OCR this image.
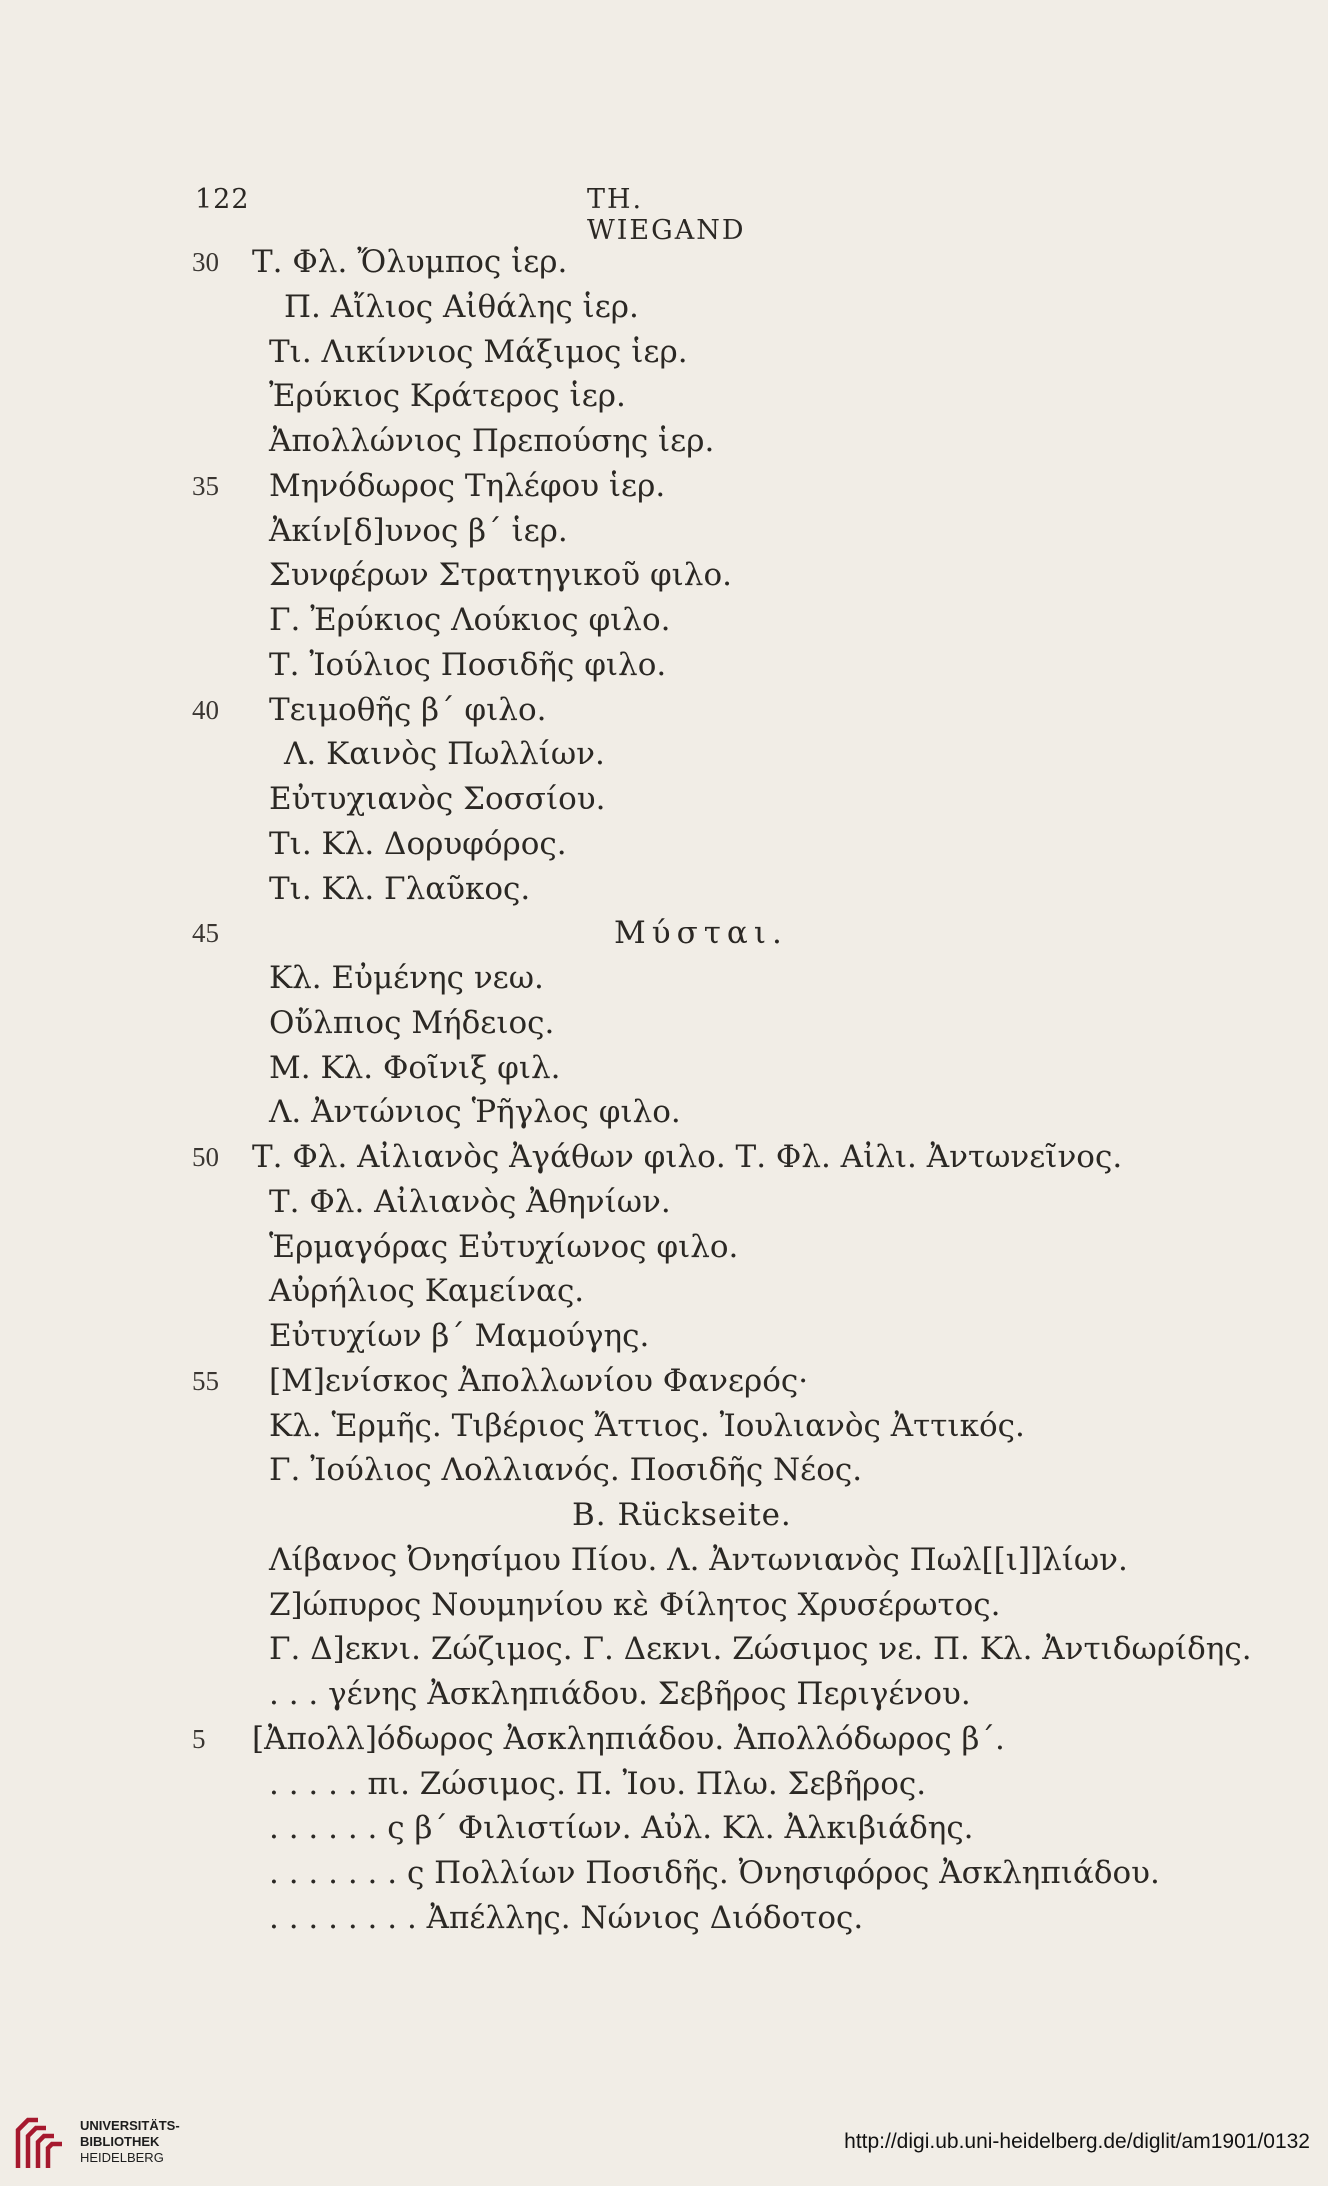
122	TH. WIEGAND
30	Τ. Φλ. Ὄλυμπος ἱερ.
Π. Αἴλιος Αἰθάλης ἱερ.
Τι. Λικίννιος Μάξιμος ἱερ.
Ἐρύκιος Κράτερος ἱερ.
Ἀπολλώνιος Πρεπούσης ἱερ.
35	Μηνόδωρος Τηλέφου ἱερ.
Ἀκίν[δ]υνος β´ ἱερ.
Συνφέρων Στρατηγικοῦ φιλο.
Γ. Ἐρύκιος Λούκιος φιλο.
Τ. Ἰούλιος Ποσιδῆς φιλο.
40	Τειμοθῆς β´ φιλο.
Λ. Καινὸς Πωλλίων.
Εὐτυχιανὸς Σοσσίου.
Τι. Κλ. Δορυφόρος.
Τι. Κλ. Γλαῦκος.
45	Μύσται.
Κλ. Εὐμένης νεω.
Οὔλπιος Μήδειος.
Μ. Κλ. Φοῖνιξ φιλ.
Λ. Ἀντώνιος Ῥῆγλος φιλο.
50	Τ. Φλ. Αἰλιανὸς Ἀγάθων φιλο. Τ. Φλ. Αἰλι. Ἀντωνεῖνος.
Τ. Φλ. Αἰλιανὸς Ἀθηνίων.
Ἑρμαγόρας Εὐτυχίωνος φιλο.
Αὐρήλιος Καμείνας.
Εὐτυχίων β´ Μαμούγης.
55	[Μ]ενίσκος Ἀπολλωνίου Φανερός·
Κλ. Ἑρμῆς. Τιβέριος Ἄττιος. Ἰουλιανὸς Ἀττικός.
Γ. Ἰούλιος Λολλιανός. Ποσιδῆς Νέος.
B. Rückseite.
Λίβανος Ὀνησίμου Πίου. Λ. Ἀντωνιανὸς Πωλ[[ι]]λίων.
Ζ]ώπυρος Νουμηνίου κὲ Φίλητος Χρυσέρωτος.
Γ. Δ]εκνι. Ζώζιμος. Γ. Δεκνι. Ζώσιμος νε. Π. Κλ. Ἀντιδωρίδης.
. . . γένης Ἀσκληπιάδου. Σεβῆρος Περιγένου.
5	[Ἀπολλ]όδωρος Ἀσκληπιάδου. Ἀπολλόδωρος β´.
. . . . . πι. Ζώσιμος. Π. Ἰου. Πλω. Σεβῆρος.
. . . . . . ς β´ Φιλιστίων. Αὐλ. Κλ. Ἀλκιβιάδης.
. . . . . . . ς Πολλίων Ποσιδῆς. Ὀνησιφόρος Ἀσκληπιάδου.
. . . . . . . . Ἀπέλλης. Νώνιος Διόδοτος.
UNIVERSITÄTS-
BIBLIOTHEK
HEIDELBERG
http://digi.ub.uni-heidelberg.de/diglit/am1901/0132
